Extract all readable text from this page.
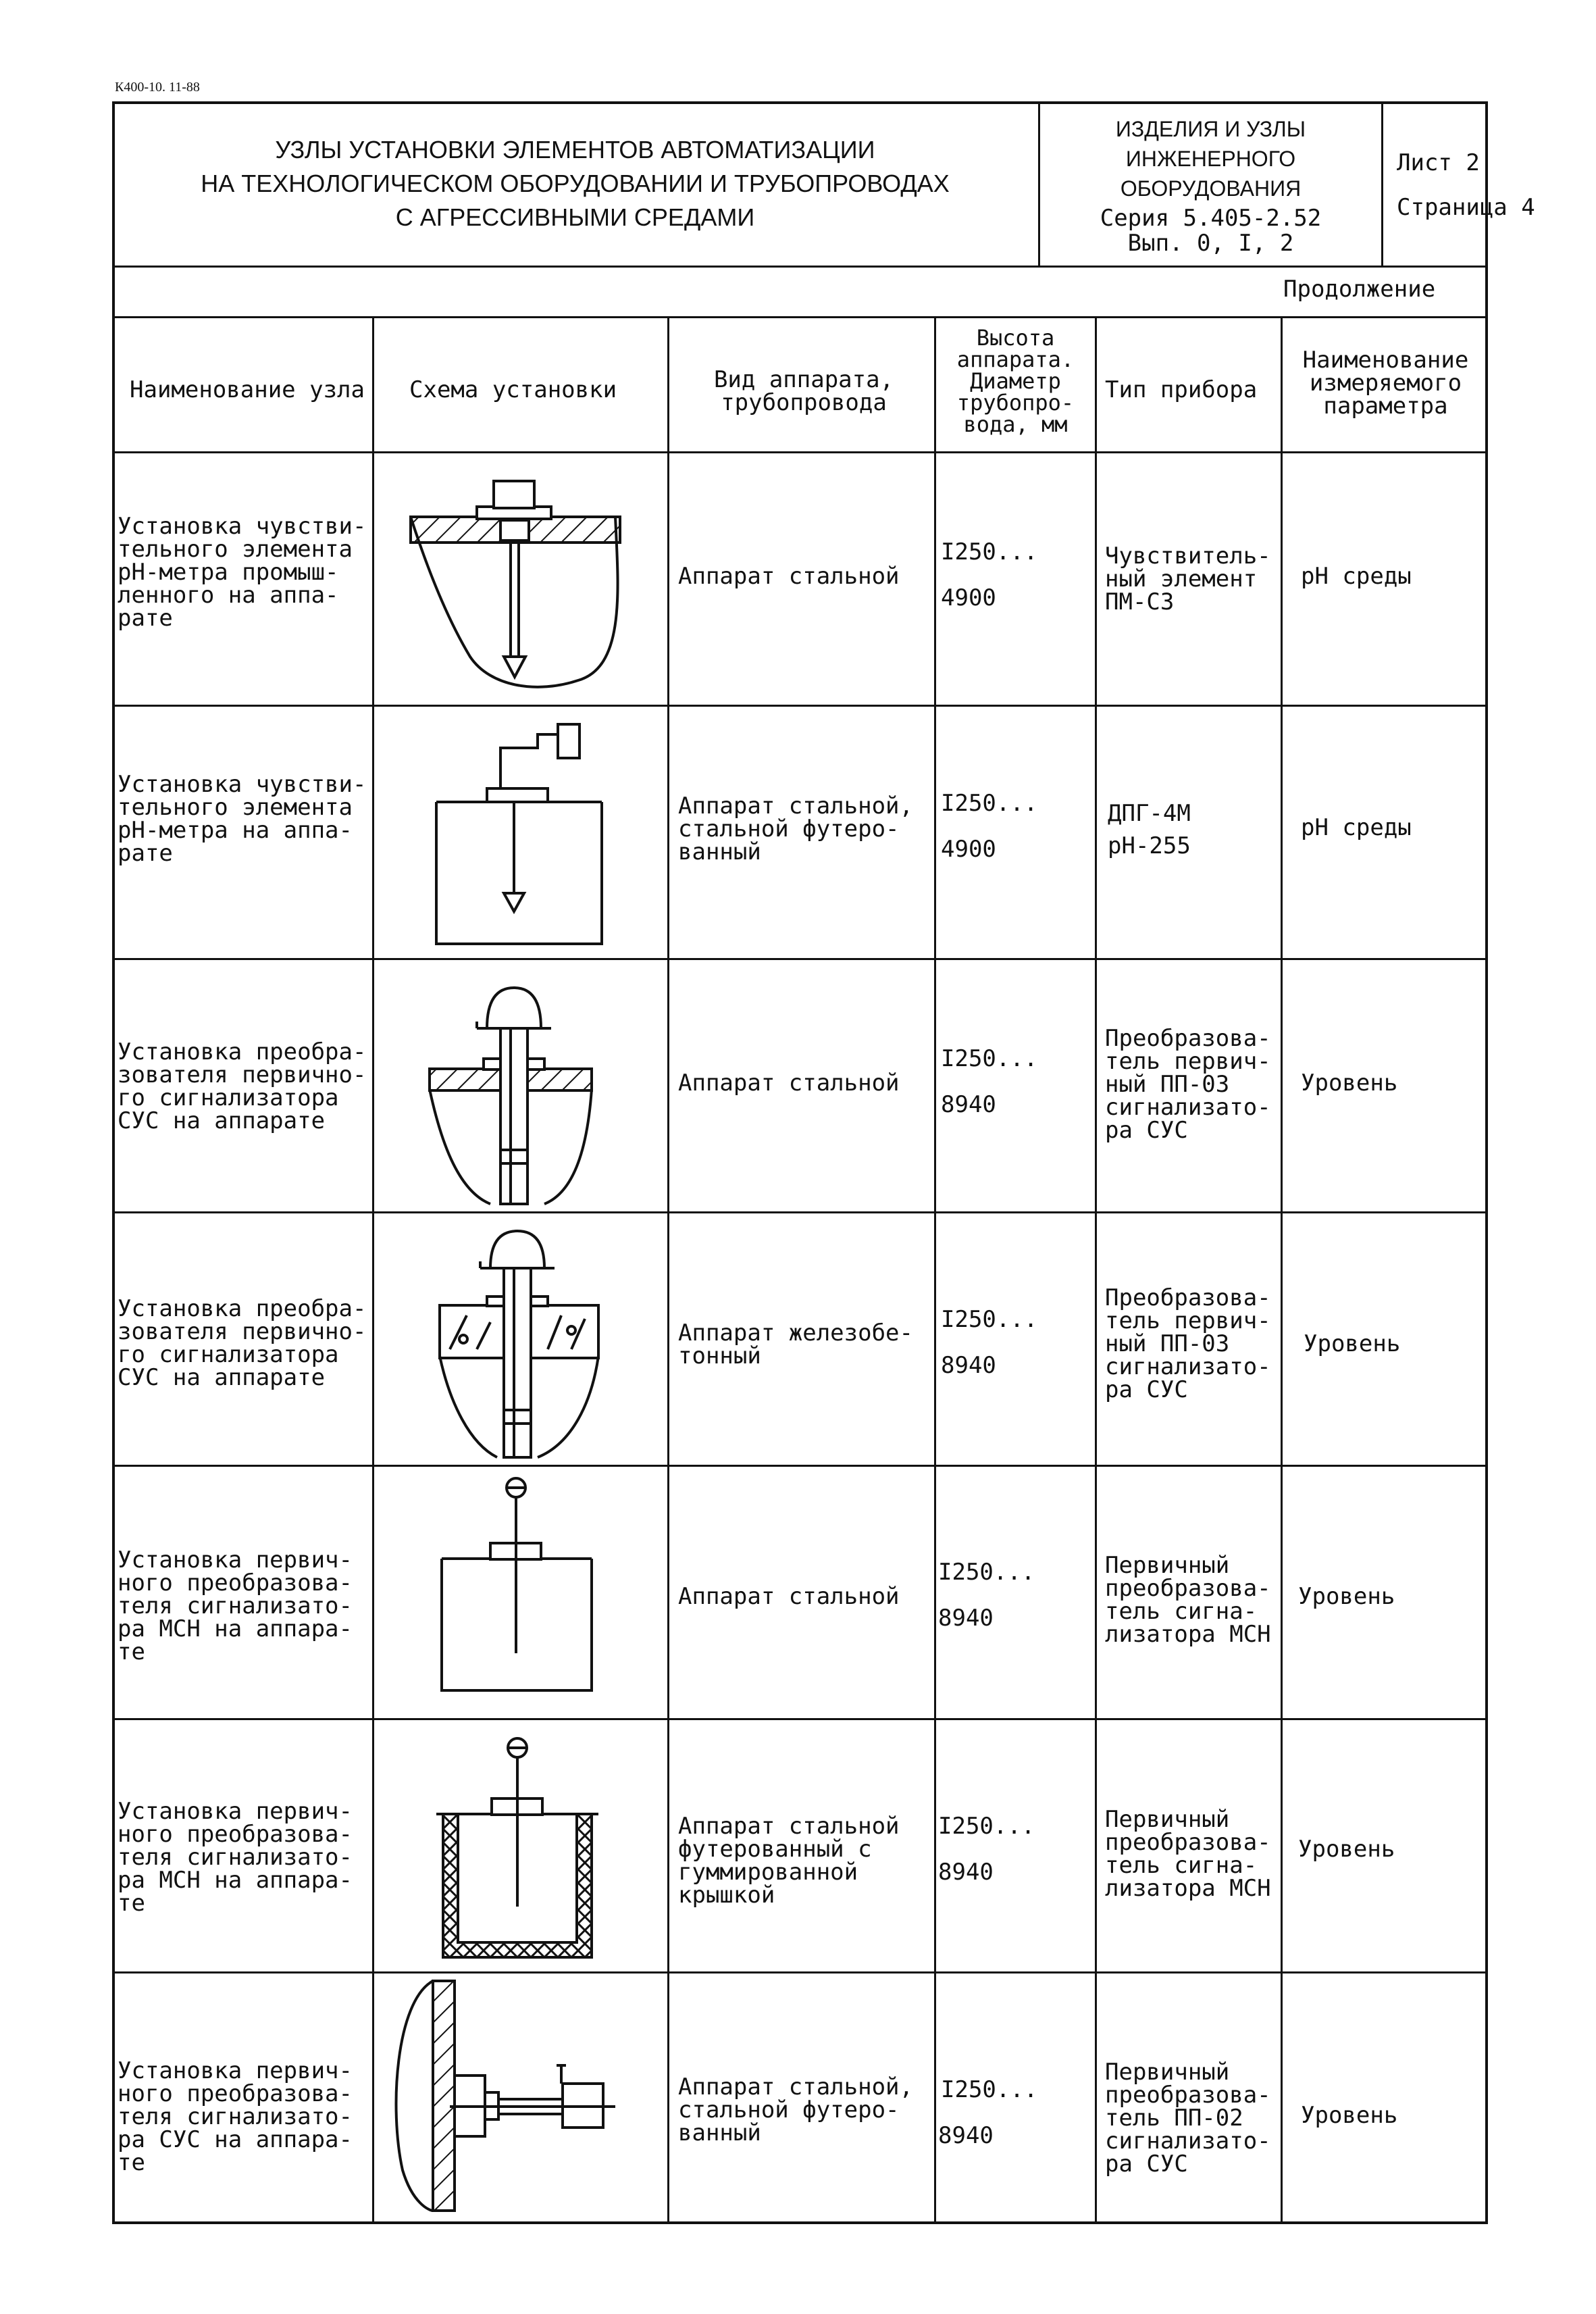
К400-10. 11-88
УЗЛЫ УСТАНОВКИ ЭЛЕМЕНТОВ АВТОМАТИЗАЦИИ
НА ТЕХНОЛОГИЧЕСКОМ ОБОРУДОВАНИИ И ТРУБОПРОВОДАХ
С АГРЕССИВНЫМИ СРЕДАМИ
ИЗДЕЛИЯ И УЗЛЫ
ИНЖЕНЕРНОГО
ОБОРУДОВАНИЯ
Серия 5.405-2.52
Вып. 0, I, 2
Лист 2
Страница 4
Продолжение
Наименование узла Схема установки	Вид аппарата,
трубопровода
Высота
аппарата.
Диаметр
трубопро-
вода, мм
Тип прибора
Наименование
измеряемого
параметра
Установка чувстви-
тельного элемента
рН-метра промыш-
ленного на аппа-
рате
Аппарат стальной
I250...
4900
Чувствитель-
ный элемент
ПМ-С3
рН среды
Установка чувстви-
тельного элемента
рН-метра на аппа-
рате
Аппарат стальной,
стальной футеро-
ванный
I250...
4900
ДПГ-4М
рН-255
рН среды
Установка преобра-
зователя первично-
го сигнализатора
СУС на аппарате
Аппарат стальной
I250...
8940
Преобразова-
тель первич-
ный ПП-03
сигнализато-
ра СУС
Уровень
Установка преобра-
зователя первично-
го сигнализатора
СУС на аппарате
Аппарат железобе-
тонный
I250...
8940
Преобразова-
тель первич-
ный ПП-03
сигнализато-
ра СУС
Уровень
Установка первич-
ного преобразова-
теля сигнализато-
ра МСН на аппара-
те
Аппарат стальной
I250...
8940
Первичный
преобразова-
тель сигна-
лизатора МСН
Уровень
Установка первич-
ного преобразова-
теля сигнализато-
ра МСН на аппара-
те
Аппарат стальной
футерованный с
гуммированной
крышкой
I250...
8940
Первичный
преобразова-
тель сигна-
лизатора МСН
Уровень
Установка первич-
ного преобразова-
теля сигнализато-
ра СУС на аппара-
те
Аппарат стальной,
стальной футеро-
ванный
I250...
8940
Первичный
преобразова-
тель ПП-02
сигнализато-
ра СУС
Уровень
